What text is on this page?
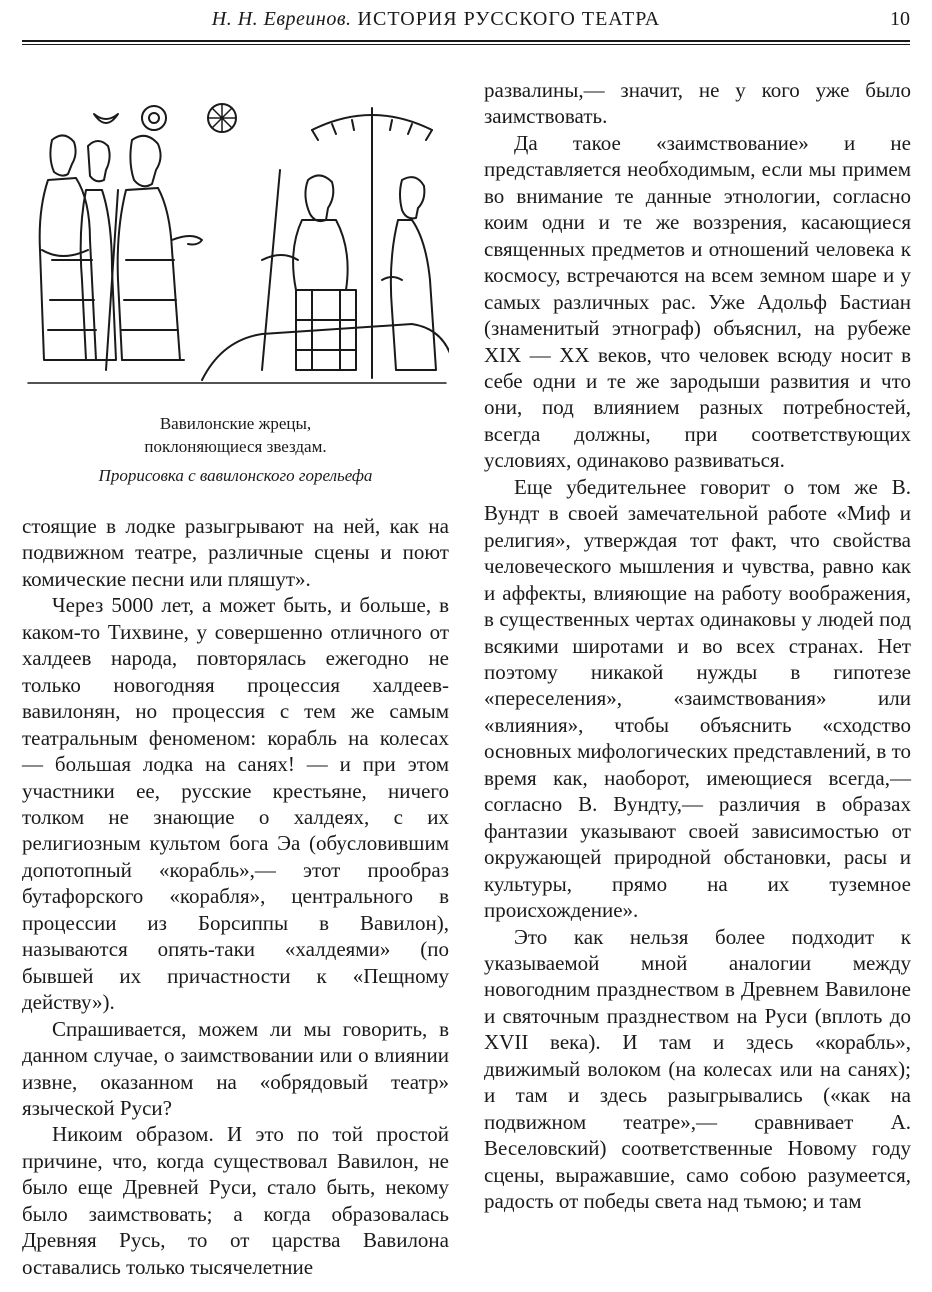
Н. Н. Евреинов. ИСТОРИЯ РУССКОГО ТЕАТРА	10
Вавилонские жрецы,
поклоняющиеся звездам.
Прорисовка с вавилонского горельефа

стоящие в лодке разыгрывают на ней, как на подвижном театре, различные сцены и поют комические песни или пляшут».

Через 5000 лет, а может быть, и больше, в каком-то Тихвине, у совершенно отличного от халдеев народа, повторялась ежегодно не только новогодняя процессия халдеев-вавилонян, но процессия с тем же самым театральным феноменом: корабль на колесах — большая лодка на санях! — и при этом участники ее, русские крестьяне, ничего толком не знающие о халдеях, с их религиозным культом бога Эа (обусловившим допотопный «корабль»,— этот прообраз бутафорского «корабля», центрального в процессии из Борсиппы в Вавилон), называются опять-таки «халдеями» (по бывшей их причастности к «Пещному действу»).

Спрашивается, можем ли мы говорить, в данном случае, о заимствовании или о влиянии извне, оказанном на «обрядовый театр» языческой Руси?

Никоим образом. И это по той простой причине, что, когда существовал Вавилон, не было еще Древней Руси, стало быть, некому было заимствовать; а когда образовалась Древняя Русь, то от царства Вавилона оставались только тысячелетние

развалины,— значит, не у кого уже было заимствовать.

Да такое «заимствование» и не представляется необходимым, если мы примем во внимание те данные этнологии, согласно коим одни и те же воззрения, касающиеся священных предметов и отношений человека к космосу, встречаются на всем земном шаре и у самых различных рас. Уже Адольф Бастиан (знаменитый этнограф) объяснил, на рубеже XIX — XX веков, что человек всюду носит в себе одни и те же зародыши развития и что они, под влиянием разных потребностей, всегда должны, при соответствующих условиях, одинаково развиваться.

Еще убедительнее говорит о том же В. Вундт в своей замечательной работе «Миф и религия», утверждая тот факт, что свойства человеческого мышления и чувства, равно как и аффекты, влияющие на работу воображения, в существенных чертах одинаковы у людей под всякими широтами и во всех странах. Нет поэтому никакой нужды в гипотезе «переселения», «заимствования» или «влияния», чтобы объяснить «сходство основных мифологических представлений, в то время как, наоборот, имеющиеся всегда,— согласно В. Вундту,— различия в образах фантазии указывают своей зависимостью от окружающей природной обстановки, расы и культуры, прямо на их туземное происхождение».

Это как нельзя более подходит к указываемой мной аналогии между новогодним празднеством в Древнем Вавилоне и святочным празднеством на Руси (вплоть до XVII века). И там и здесь «корабль», движимый волоком (на колесах или на санях); и там и здесь разыгрывались («как на подвижном театре»,— сравнивает А. Веселовский) соответственные Новому году сцены, выражавшие, само собою разумеется, радость от победы света над тьмою; и там
